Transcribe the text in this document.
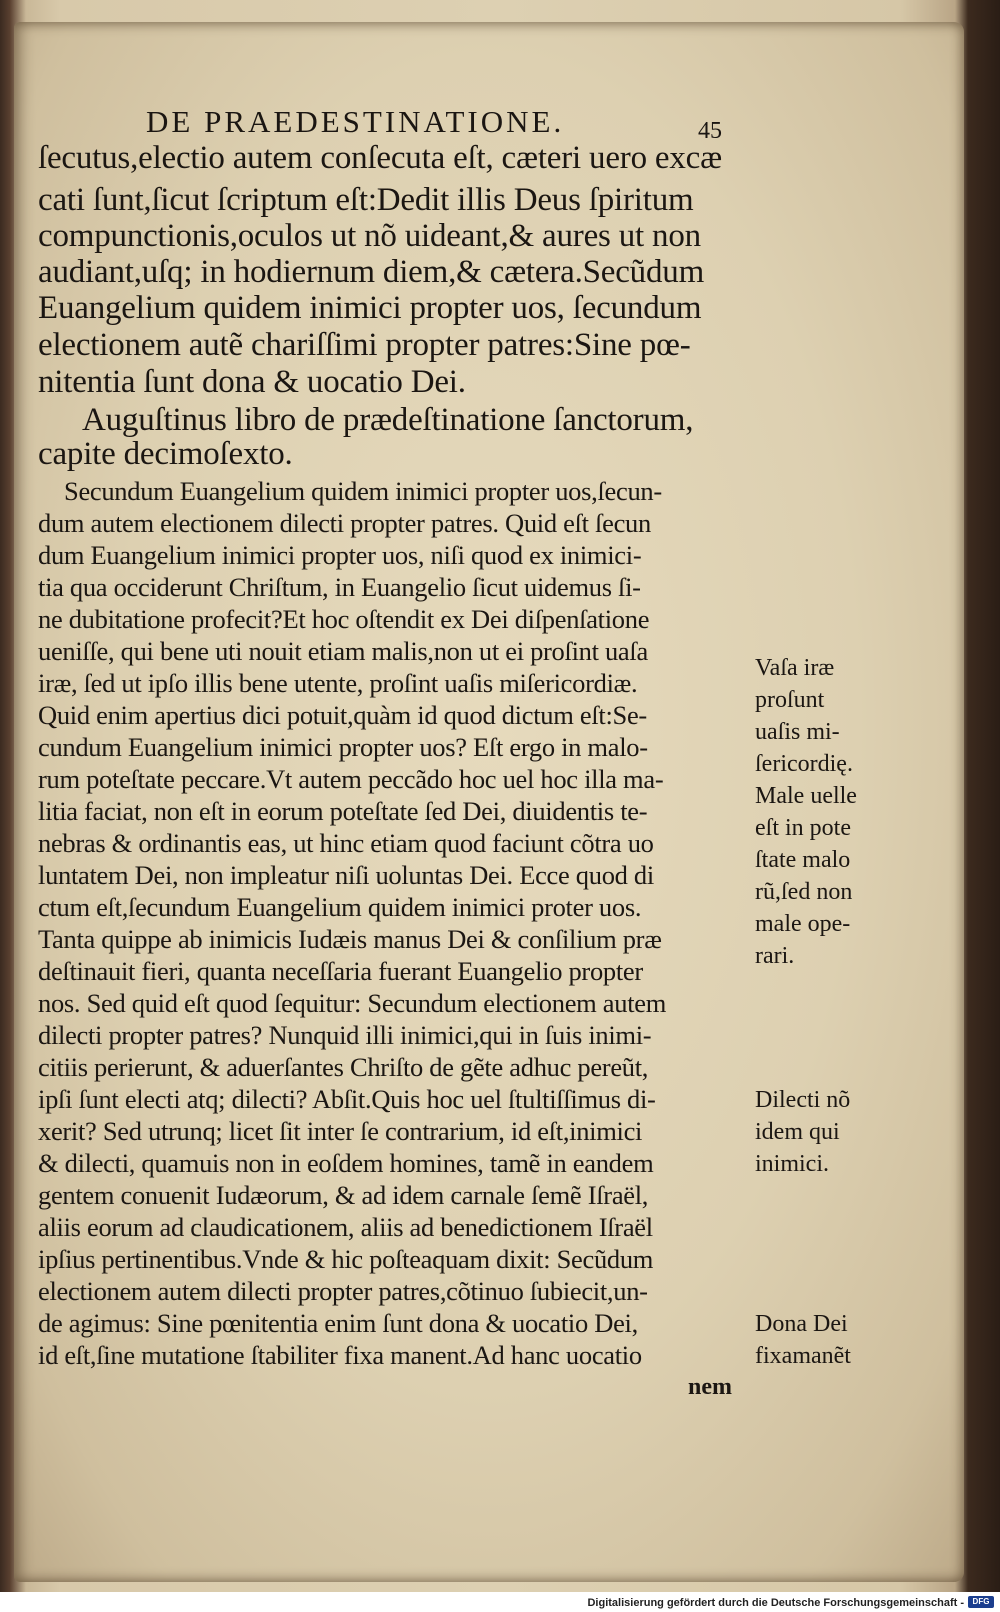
DE PRAEDESTINATIONE.	45
ſecutus,electio autem conſecuta eſt, cæteri uero excæ
cati ſunt,ſicut ſcriptum eſt:Dedit illis Deus ſpiritum
compunctionis,oculos ut nõ uideant,& aures ut non
audiant,uſq; in hodiernum diem,& cætera.Secũdum
Euangelium quidem inimici propter uos, ſecundum
electionem autẽ chariſſimi propter patres:Sine pœ-
nitentia ſunt dona & uocatio Dei.
Auguſtinus libro de prædeſtinatione ſanctorum,
capite decimoſexto.
Secundum Euangelium quidem inimici propter uos,ſecun-
dum autem electionem dilecti propter patres. Quid eſt ſecun
dum Euangelium inimici propter uos, niſi quod ex inimici-
tia qua occiderunt Chriſtum, in Euangelio ſicut uidemus ſi-
ne dubitatione profecit?Et hoc oſtendit ex Dei diſpenſatione
ueniſſe, qui bene uti nouit etiam malis,non ut ei proſint uaſa
iræ, ſed ut ipſo illis bene utente, proſint uaſis miſericordiæ.
Quid enim apertius dici potuit,quàm id quod dictum eſt:Se-
cundum Euangelium inimici propter uos? Eſt ergo in malo-
rum poteſtate peccare.Vt autem peccãdo hoc uel hoc illa ma-
litia faciat, non eſt in eorum poteſtate ſed Dei, diuidentis te-
nebras & ordinantis eas, ut hinc etiam quod faciunt cõtra uo
luntatem Dei, non impleatur niſi uoluntas Dei. Ecce quod di
ctum eſt,ſecundum Euangelium quidem inimici proter uos.
Tanta quippe ab inimicis Iudæis manus Dei & conſilium præ
deſtinauit fieri, quanta neceſſaria fuerant Euangelio propter
nos. Sed quid eſt quod ſequitur: Secundum electionem autem
dilecti propter patres? Nunquid illi inimici,qui in ſuis inimi-
citiis perierunt, & aduerſantes Chriſto de gẽte adhuc pereũt,
ipſi ſunt electi atq; dilecti? Abſit.Quis hoc uel ſtultiſſimus di-
xerit? Sed utrunq; licet ſit inter ſe contrarium, id eſt,inimici
& dilecti, quamuis non in eoſdem homines, tamẽ in eandem
gentem conuenit Iudæorum, & ad idem carnale ſemẽ Iſraël,
aliis eorum ad claudicationem, aliis ad benedictionem Iſraël
ipſius pertinentibus.Vnde & hic poſteaquam dixit: Secũdum
electionem autem dilecti propter patres,cõtinuo ſubiecit,un-
de agimus: Sine pœnitentia enim ſunt dona & uocatio Dei,
id eſt,ſine mutatione ſtabiliter fixa manent.Ad hanc uocatio
nem
Vaſa iræ
proſunt
uaſis mi-
ſericordię.
Male uelle
eſt in pote
ſtate malo
rũ,ſed non
male ope-
rari.
Dilecti nõ
idem qui
inimici.
Dona Dei
fixamanẽt
Digitalisierung gefördert durch die Deutsche Forschungsgemeinschaft -	DFG
